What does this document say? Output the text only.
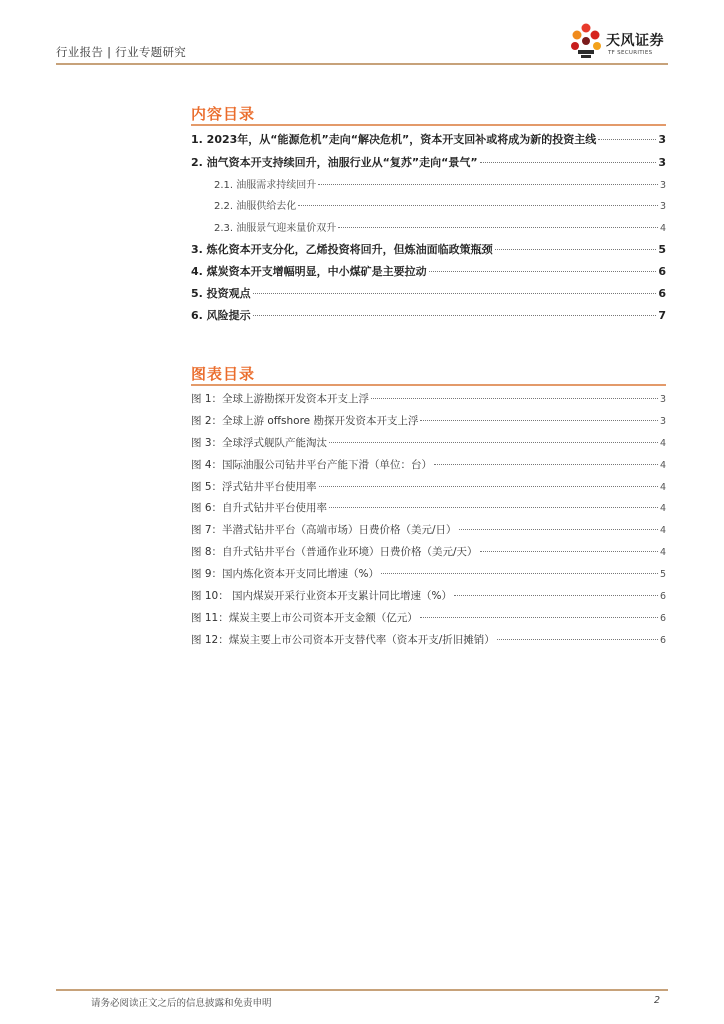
行业报告 | 行业专题研究
天风证券
TF SECURITIES
内容目录
1. 2023年，从“能源危机”走向“解决危机”，资本开支回补或将成为新的投资主线	3
2. 油气资本开支持续回升，油服行业从“复苏”走向“景气”	3
2.1. 油服需求持续回升	3
2.2. 油服供给去化	3
2.3. 油服景气迎来量价双升	4
3. 炼化资本开支分化，乙烯投资将回升，但炼油面临政策瓶颈	5
4. 煤炭资本开支增幅明显，中小煤矿是主要拉动	6
5. 投资观点	6
6. 风险提示	7
图表目录
图 1：全球上游勘探开发资本开支上浮	3
图 2：全球上游 offshore 勘探开发资本开支上浮	3
图 3：全球浮式舰队产能淘汰	4
图 4：国际油服公司钻井平台产能下滑（单位：台）	4
图 5：浮式钻井平台使用率	4
图 6：自升式钻井平台使用率	4
图 7：半潜式钻井平台（高端市场）日费价格（美元/日）	4
图 8：自升式钻井平台（普通作业环境）日费价格（美元/天）	4
图 9：国内炼化资本开支同比增速（%）	5
图 10： 国内煤炭开采行业资本开支累计同比增速（%）	6
图 11：煤炭主要上市公司资本开支金额（亿元）	6
图 12：煤炭主要上市公司资本开支替代率（资本开支/折旧摊销）	6
请务必阅读正文之后的信息披露和免责申明	2
